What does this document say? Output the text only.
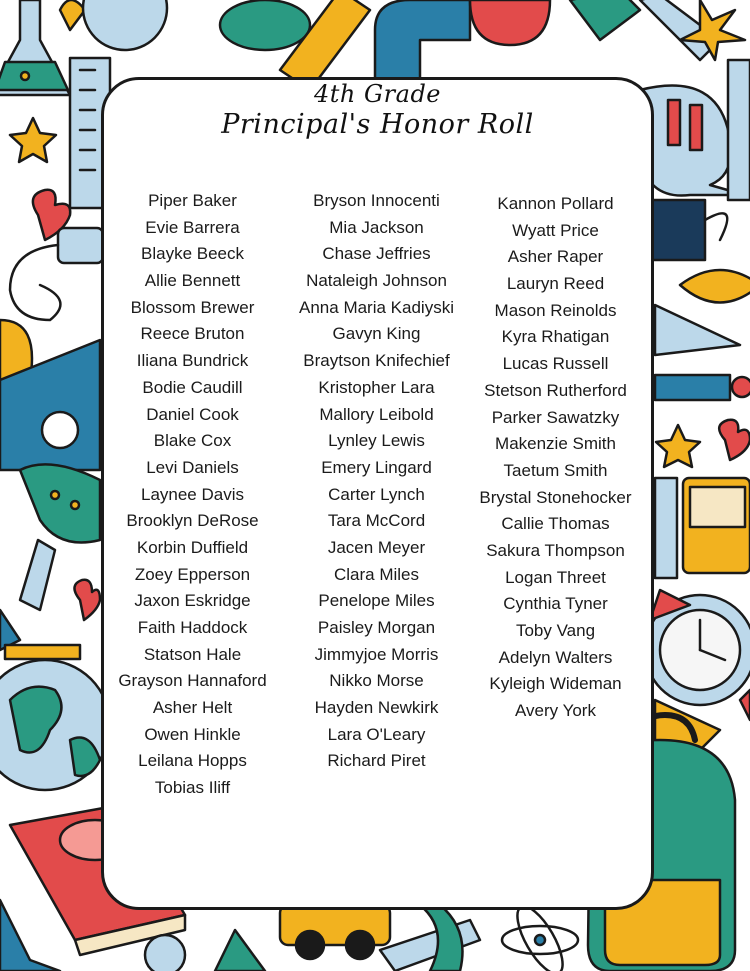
4th Grade
Principal's Honor Roll
Piper Baker
Evie Barrera
Blayke Beeck
Allie Bennett
Blossom Brewer
Reece Bruton
Iliana Bundrick
Bodie Caudill
Daniel Cook
Blake Cox
Levi Daniels
Laynee Davis
Brooklyn DeRose
Korbin Duffield
Zoey Epperson
Jaxon Eskridge
Faith Haddock
Statson Hale
Grayson Hannaford
Asher Helt
Owen Hinkle
Leilana Hopps
Tobias Iliff
Bryson Innocenti
Mia Jackson
Chase Jeffries
Nataleigh Johnson
Anna Maria Kadiyski
Gavyn King
Braytson Knifechief
Kristopher Lara
Mallory Leibold
Lynley Lewis
Emery Lingard
Carter Lynch
Tara McCord
Jacen Meyer
Clara Miles
Penelope Miles
Paisley Morgan
Jimmyjoe Morris
Nikko Morse
Hayden Newkirk
Lara O'Leary
Richard Piret
Kannon Pollard
Wyatt Price
Asher Raper
Lauryn Reed
Mason Reinolds
Kyra Rhatigan
Lucas Russell
Stetson Rutherford
Parker Sawatzky
Makenzie Smith
Taetum Smith
Brystal Stonehocker
Callie Thomas
Sakura Thompson
Logan Threet
Cynthia Tyner
Toby Vang
Adelyn Walters
Kyleigh Wideman
Avery York
